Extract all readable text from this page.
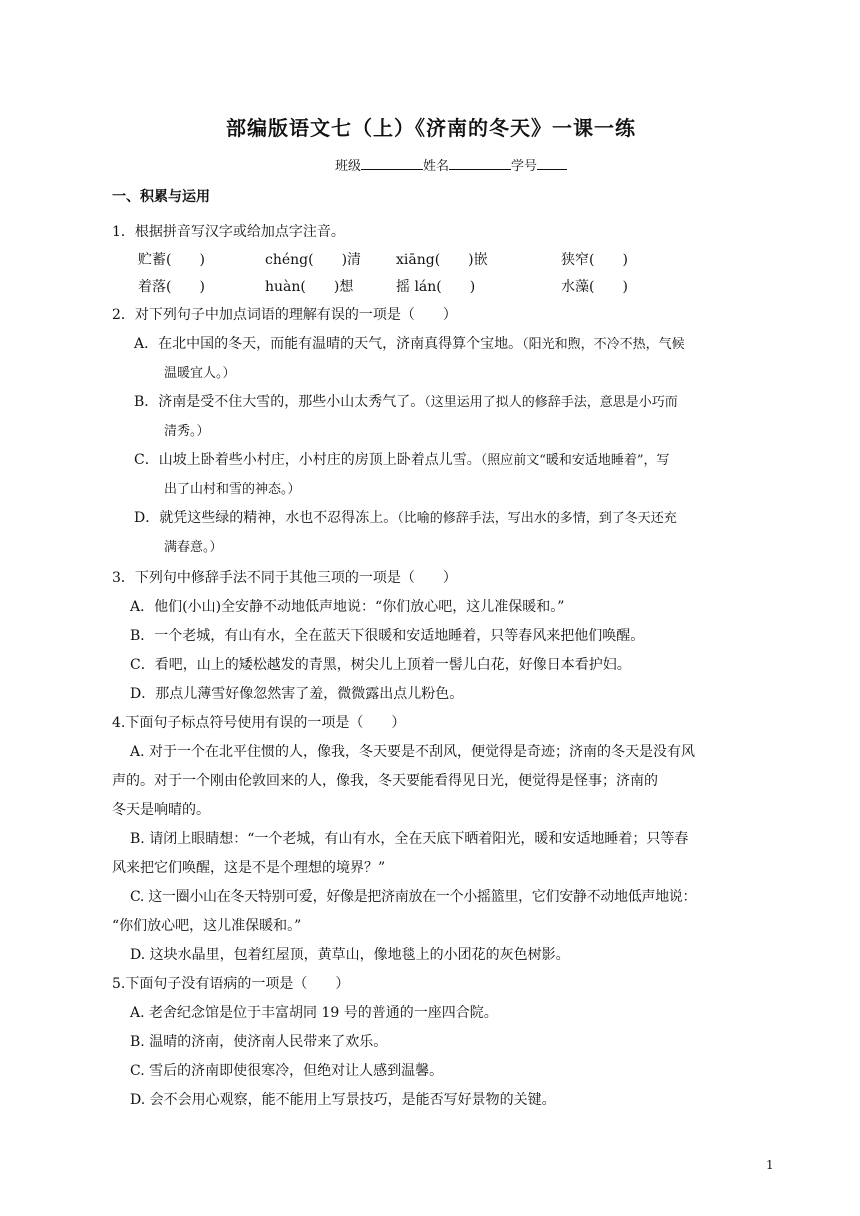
部编版语文七（上）《济南的冬天》一课一练
班级	姓名	学号
一、积累与运用
1．根据拼音写汉字或给加点字注音。
贮蓄(　　)	chéng(　　)清	xiāng(　　)嵌	狭窄(　　)
着落(　　)	huàn(　　)想	摇 lán(　　)	水藻(　　)
2．对下列句子中加点词语的理解有误的一项是（　　）
A．在北中国的冬天，而能有温晴的天气，济南真得算个宝地。（阳光和煦，不冷不热，气候
温暖宜人。）
B．济南是受不住大雪的，那些小山太秀气了。（这里运用了拟人的修辞手法，意思是小巧而
清秀。）
C．山坡上卧着些小村庄，小村庄的房顶上卧着点儿雪。（照应前文“暖和安适地睡着”，写
出了山村和雪的神态。）
D．就凭这些绿的精神，水也不忍得冻上。（比喻的修辞手法，写出水的多情，到了冬天还充
满春意。）
3．下列句中修辞手法不同于其他三项的一项是（　　）
A．他们(小山)全安静不动地低声地说：“你们放心吧，这儿准保暖和。”
B．一个老城，有山有水，全在蓝天下很暖和安适地睡着，只等春风来把他们唤醒。
C．看吧，山上的矮松越发的青黑，树尖儿上顶着一髻儿白花，好像日本看护妇。
D．那点儿薄雪好像忽然害了羞，微微露出点儿粉色。
4.下面句子标点符号使用有误的一项是（　　）
A. 对于一个在北平住惯的人，像我，冬天要是不刮风，便觉得是奇迹；济南的冬天是没有风
声的。对于一个刚由伦敦回来的人，像我，冬天要能看得见日光，便觉得是怪事；济南的
冬天是响晴的。
B. 请闭上眼睛想：“一个老城，有山有水，全在天底下晒着阳光，暖和安适地睡着；只等春
风来把它们唤醒，这是不是个理想的境界？”
C. 这一圈小山在冬天特别可爱，好像是把济南放在一个小摇篮里，它们安静不动地低声地说：
“你们放心吧，这儿准保暖和。”
D. 这块水晶里，包着红屋顶，黄草山，像地毯上的小团花的灰色树影。
5.下面句子没有语病的一项是（　　）
A. 老舍纪念馆是位于丰富胡同 19 号的普通的一座四合院。
B. 温晴的济南，使济南人民带来了欢乐。
C. 雪后的济南即使很寒冷，但绝对让人感到温馨。
D. 会不会用心观察，能不能用上写景技巧，是能否写好景物的关键。
1
